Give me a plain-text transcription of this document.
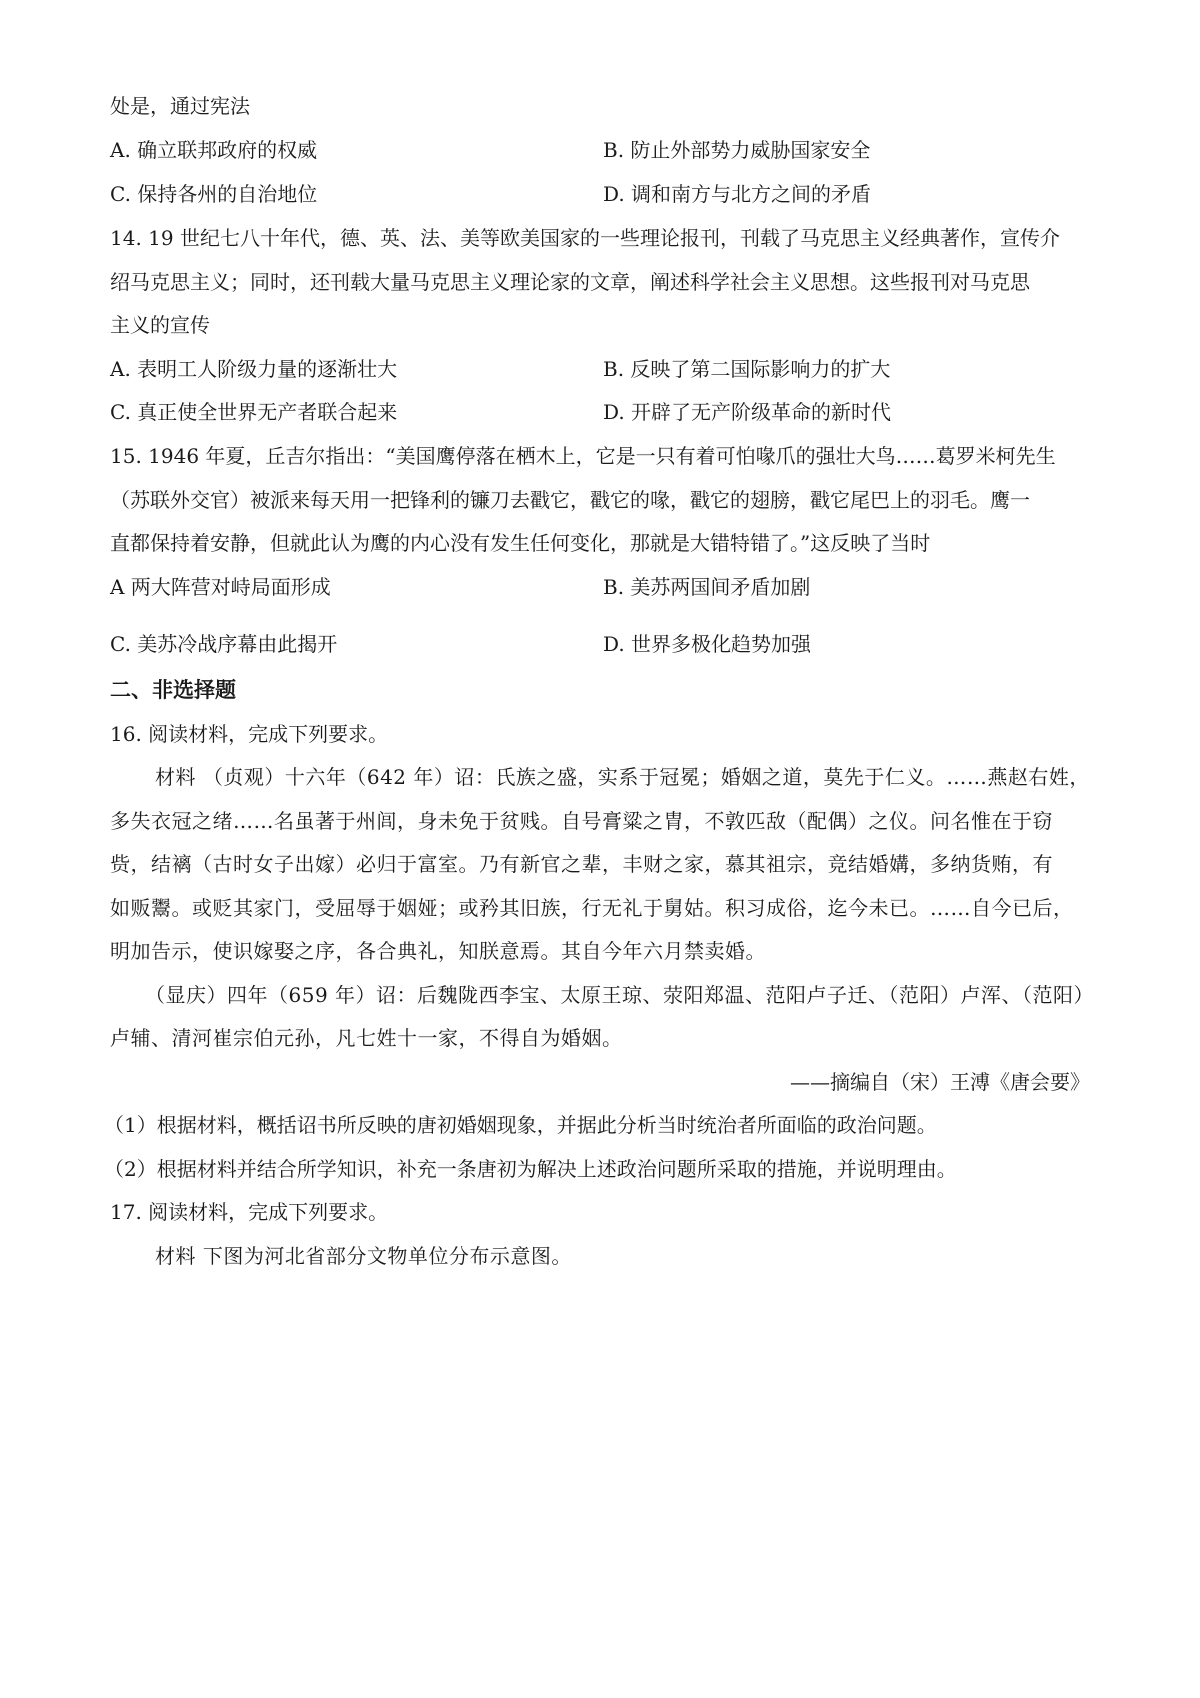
处是，通过宪法
A. 确立联邦政府的权威	B. 防止外部势力威胁国家安全
C. 保持各州的自治地位	D. 调和南方与北方之间的矛盾
14. 19 世纪七八十年代，德、英、法、美等欧美国家的一些理论报刊，刊载了马克思主义经典著作，宣传介
绍马克思主义；同时，还刊载大量马克思主义理论家的文章，阐述科学社会主义思想。这些报刊对马克思
主义的宣传
A. 表明工人阶级力量的逐渐壮大	B. 反映了第二国际影响力的扩大
C. 真正使全世界无产者联合起来	D. 开辟了无产阶级革命的新时代
15. 1946 年夏，丘吉尔指出：“美国鹰停落在栖木上，它是一只有着可怕喙爪的强壮大鸟……葛罗米柯先生
（苏联外交官）被派来每天用一把锋利的镰刀去戳它，戳它的喙，戳它的翅膀，戳它尾巴上的羽毛。鹰一
直都保持着安静，但就此认为鹰的内心没有发生任何变化，那就是大错特错了。”这反映了当时
A 两大阵营对峙局面形成	B. 美苏两国间矛盾加剧
C. 美苏冷战序幕由此揭开	D. 世界多极化趋势加强
二、非选择题
16. 阅读材料，完成下列要求。
材料 （贞观）十六年（642 年）诏：氏族之盛，实系于冠冕；婚姻之道，莫先于仁义。……燕赵右姓，
多失衣冠之绪……名虽著于州闾，身未免于贫贱。自号膏粱之胄，不敦匹敌（配偶）之仪。问名惟在于窃
赀，结褵（古时女子出嫁）必归于富室。乃有新官之辈，丰财之家，慕其祖宗，竞结婚媾，多纳货贿，有
如贩鬻。或贬其家门，受屈辱于姻娅；或矜其旧族，行无礼于舅姑。积习成俗，迄今未已。……自今已后，
明加告示，使识嫁娶之序，各合典礼，知朕意焉。其自今年六月禁卖婚。
（显庆）四年（659 年）诏：后魏陇西李宝、太原王琼、荥阳郑温、范阳卢子迁、（范阳）卢浑、（范阳）
卢辅、清河崔宗伯元孙，凡七姓十一家，不得自为婚姻。
——摘编自（宋）王溥《唐会要》
（1）根据材料，概括诏书所反映的唐初婚姻现象，并据此分析当时统治者所面临的政治问题。
（2）根据材料并结合所学知识，补充一条唐初为解决上述政治问题所采取的措施，并说明理由。
17. 阅读材料，完成下列要求。
材料 下图为河北省部分文物单位分布示意图。
